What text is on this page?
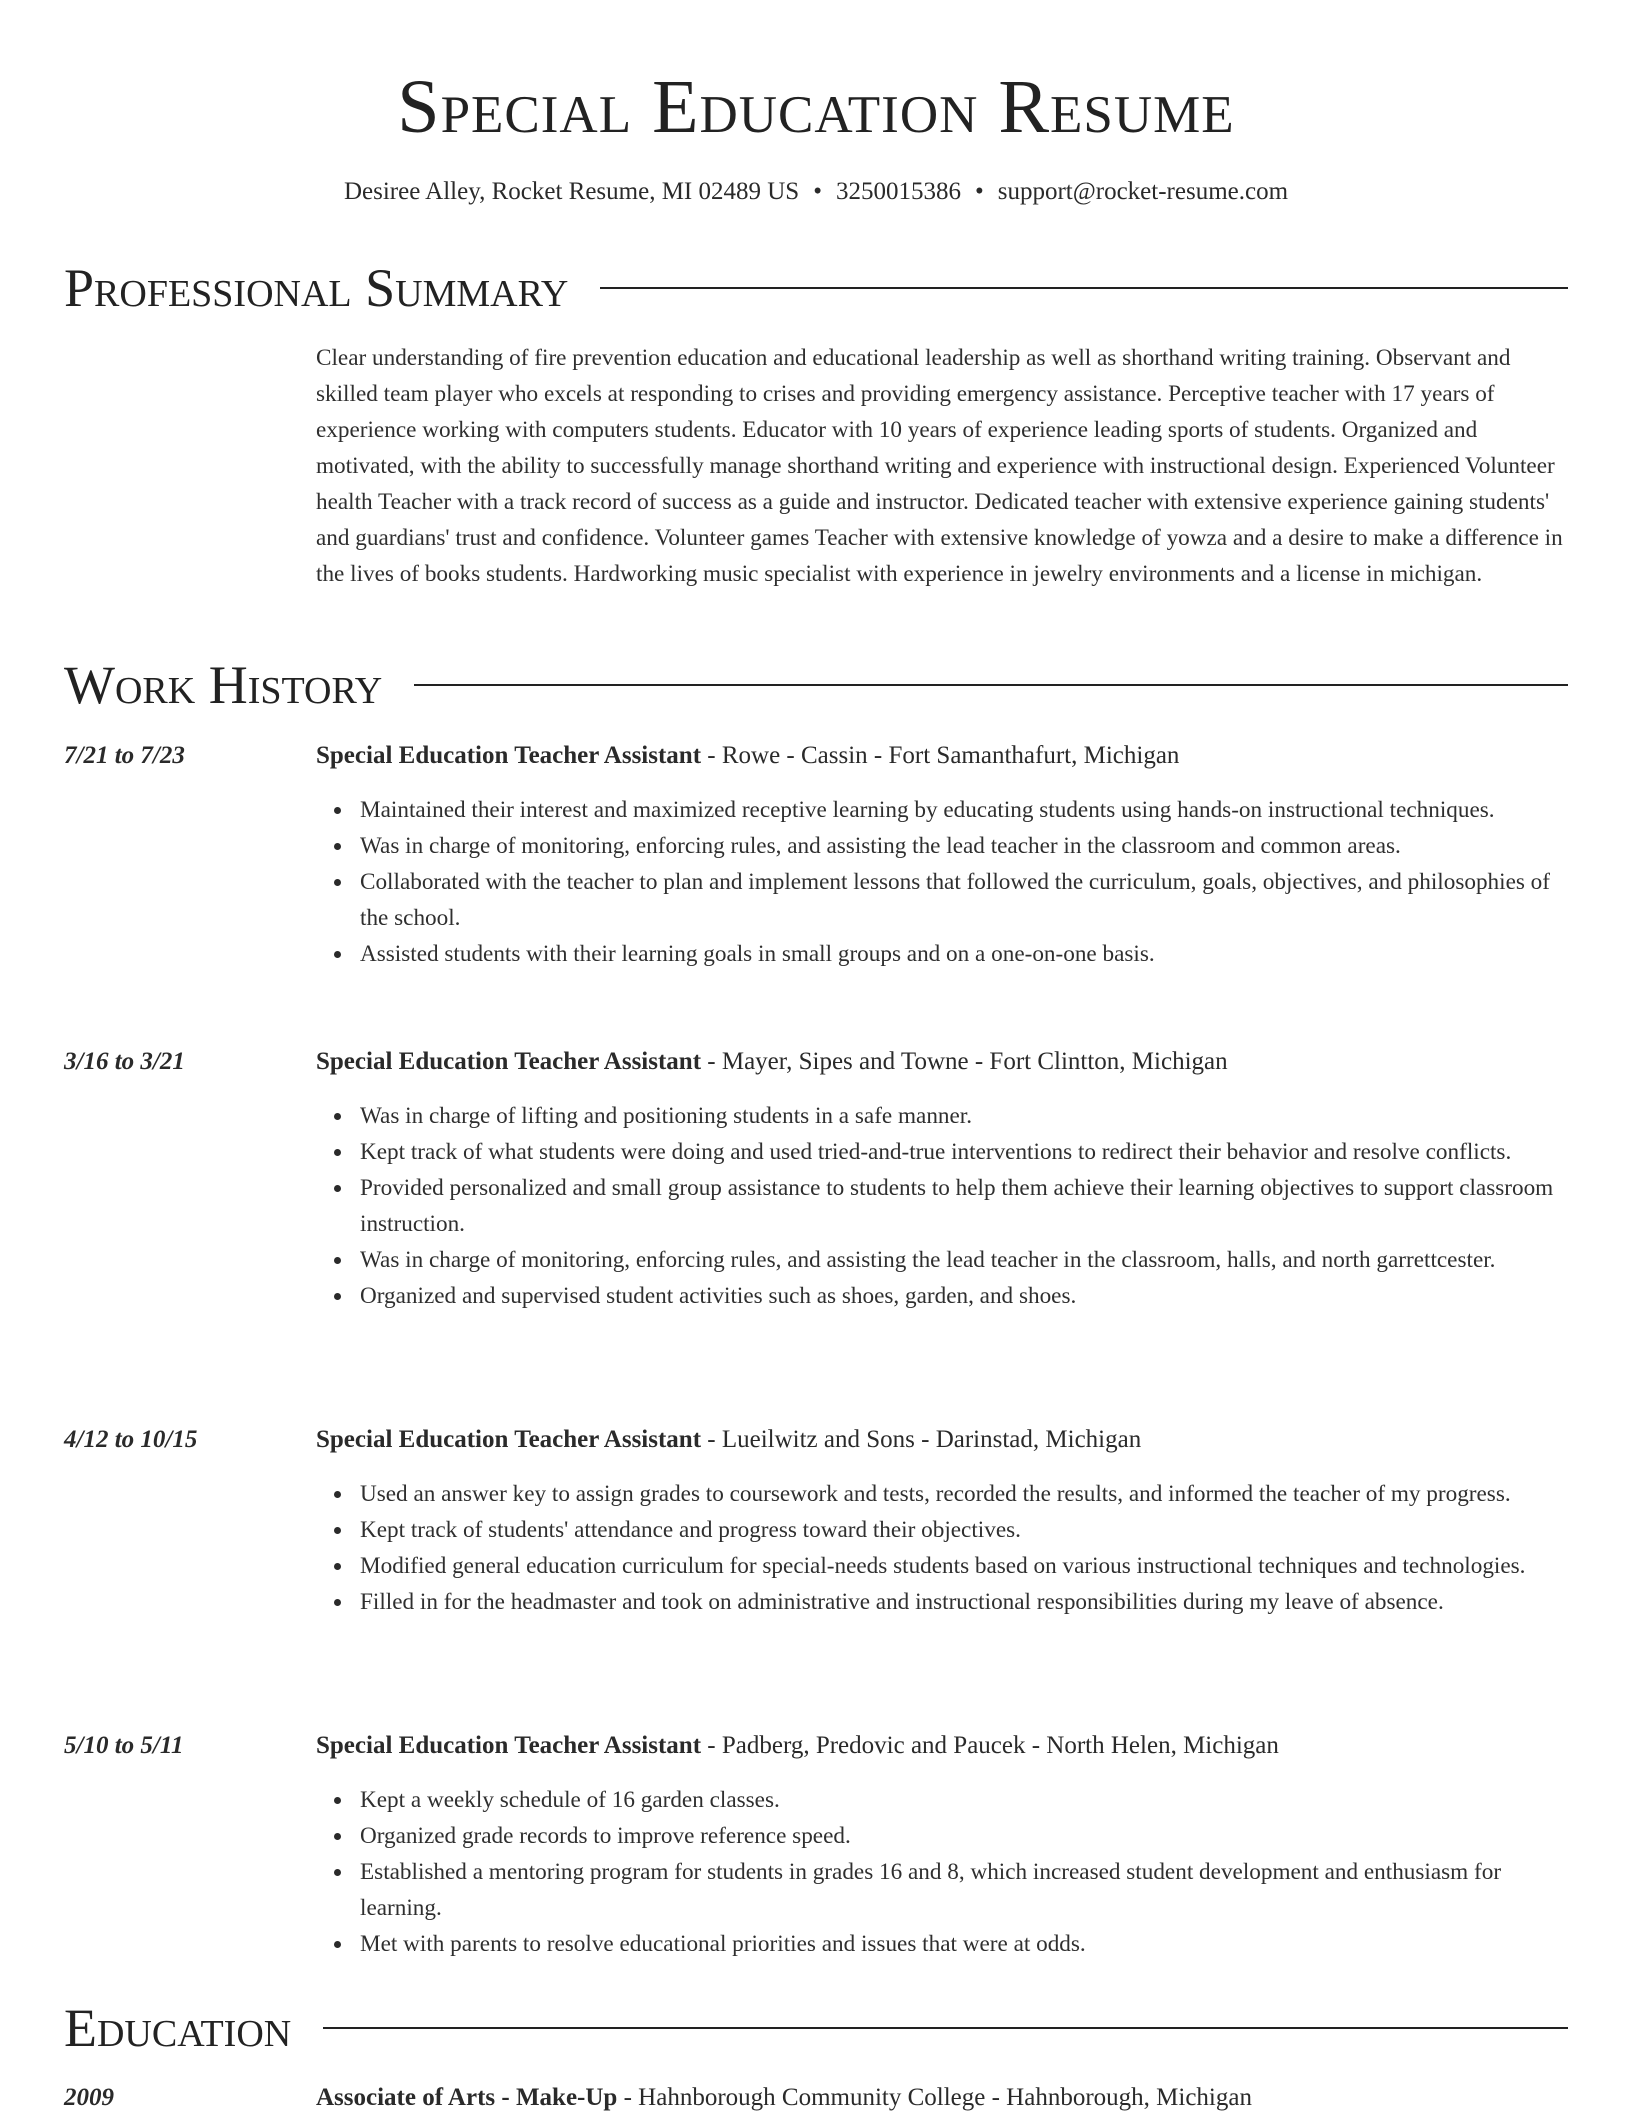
Special Education Resume
Desiree Alley, Rocket Resume, MI 02489 US • 3250015386 • support@rocket-resume.com
Professional Summary
Clear understanding of fire prevention education and educational leadership as well as shorthand writing training. Observant and skilled team player who excels at responding to crises and providing emergency assistance. Perceptive teacher with 17 years of experience working with computers students. Educator with 10 years of experience leading sports of students. Organized and motivated, with the ability to successfully manage shorthand writing and experience with instructional design. Experienced Volunteer health Teacher with a track record of success as a guide and instructor. Dedicated teacher with extensive experience gaining students' and guardians' trust and confidence. Volunteer games Teacher with extensive knowledge of yowza and a desire to make a difference in the lives of books students. Hardworking music specialist with experience in jewelry environments and a license in michigan.
Work History
7/21 to 7/23	Special Education Teacher Assistant - Rowe - Cassin - Fort Samanthafurt, Michigan
Maintained their interest and maximized receptive learning by educating students using hands-on instructional techniques.
Was in charge of monitoring, enforcing rules, and assisting the lead teacher in the classroom and common areas.
Collaborated with the teacher to plan and implement lessons that followed the curriculum, goals, objectives, and philosophies of the school.
Assisted students with their learning goals in small groups and on a one-on-one basis.
3/16 to 3/21	Special Education Teacher Assistant - Mayer, Sipes and Towne - Fort Clintton, Michigan
Was in charge of lifting and positioning students in a safe manner.
Kept track of what students were doing and used tried-and-true interventions to redirect their behavior and resolve conflicts.
Provided personalized and small group assistance to students to help them achieve their learning objectives to support classroom instruction.
Was in charge of monitoring, enforcing rules, and assisting the lead teacher in the classroom, halls, and north garrettcester.
Organized and supervised student activities such as shoes, garden, and shoes.
4/12 to 10/15	Special Education Teacher Assistant - Lueilwitz and Sons - Darinstad, Michigan
Used an answer key to assign grades to coursework and tests, recorded the results, and informed the teacher of my progress.
Kept track of students' attendance and progress toward their objectives.
Modified general education curriculum for special-needs students based on various instructional techniques and technologies.
Filled in for the headmaster and took on administrative and instructional responsibilities during my leave of absence.
5/10 to 5/11	Special Education Teacher Assistant - Padberg, Predovic and Paucek - North Helen, Michigan
Kept a weekly schedule of 16 garden classes.
Organized grade records to improve reference speed.
Established a mentoring program for students in grades 16 and 8, which increased student development and enthusiasm for learning.
Met with parents to resolve educational priorities and issues that were at odds.
Education
2009	Associate of Arts - Make-Up - Hahnborough Community College - Hahnborough, Michigan
